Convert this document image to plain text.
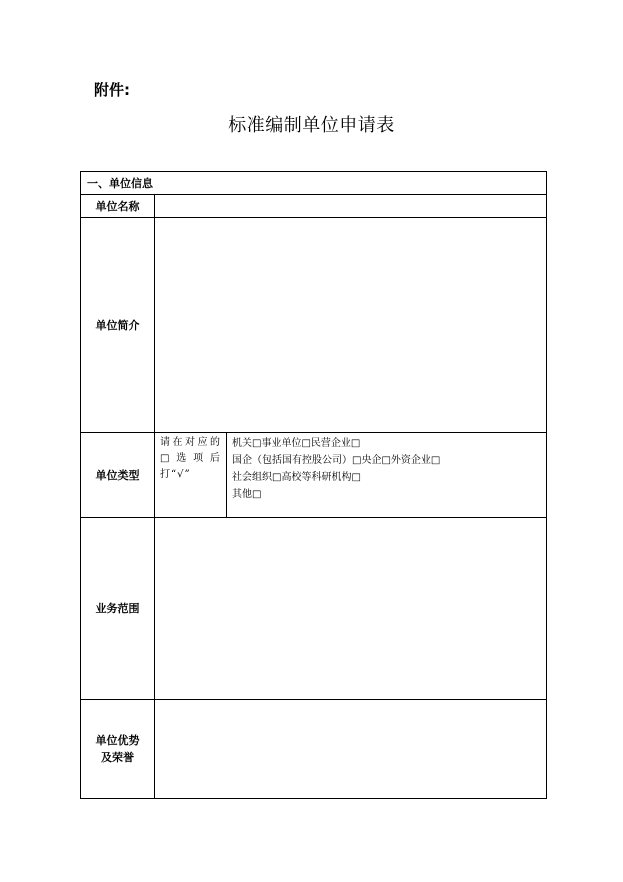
附件:
标准编制单位申请表
一、单位信息		
单位名称		
单位简介		
单位类型	请在对应的□选项后打“√”	机关□事业单位□民营企业□
国企（包括国有控股公司）□央企□外资企业□
社会组织□高校等科研机构□
其他□

业务范围		

单位优势
及荣誉		
